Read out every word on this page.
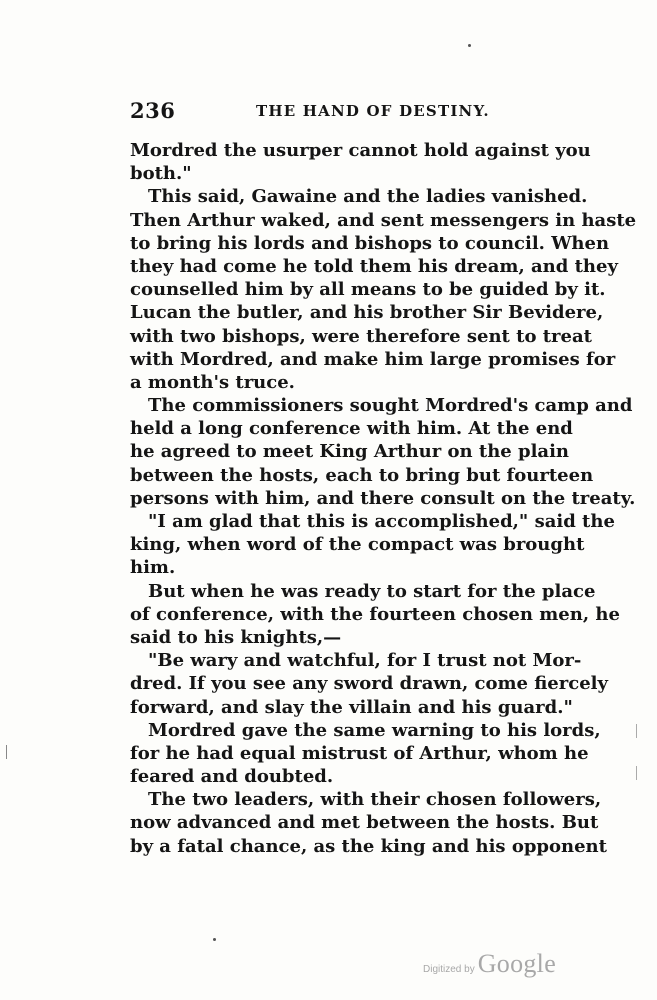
236	THE HAND OF DESTINY.
Mordred the usurper cannot hold against you
both."
This said, Gawaine and the ladies vanished.
Then Arthur waked, and sent messengers in haste
to bring his lords and bishops to council. When
they had come he told them his dream, and they
counselled him by all means to be guided by it.
Lucan the butler, and his brother Sir Bevidere,
with two bishops, were therefore sent to treat
with Mordred, and make him large promises for
a month's truce.
The commissioners sought Mordred's camp and
held a long conference with him. At the end
he agreed to meet King Arthur on the plain
between the hosts, each to bring but fourteen
persons with him, and there consult on the treaty.
"I am glad that this is accomplished," said the
king, when word of the compact was brought
him.
But when he was ready to start for the place
of conference, with the fourteen chosen men, he
said to his knights,—
"Be wary and watchful, for I trust not Mor-
dred. If you see any sword drawn, come fiercely
forward, and slay the villain and his guard."
Mordred gave the same warning to his lords,
for he had equal mistrust of Arthur, whom he
feared and doubted.
The two leaders, with their chosen followers,
now advanced and met between the hosts. But
by a fatal chance, as the king and his opponent
Digitized by Google
